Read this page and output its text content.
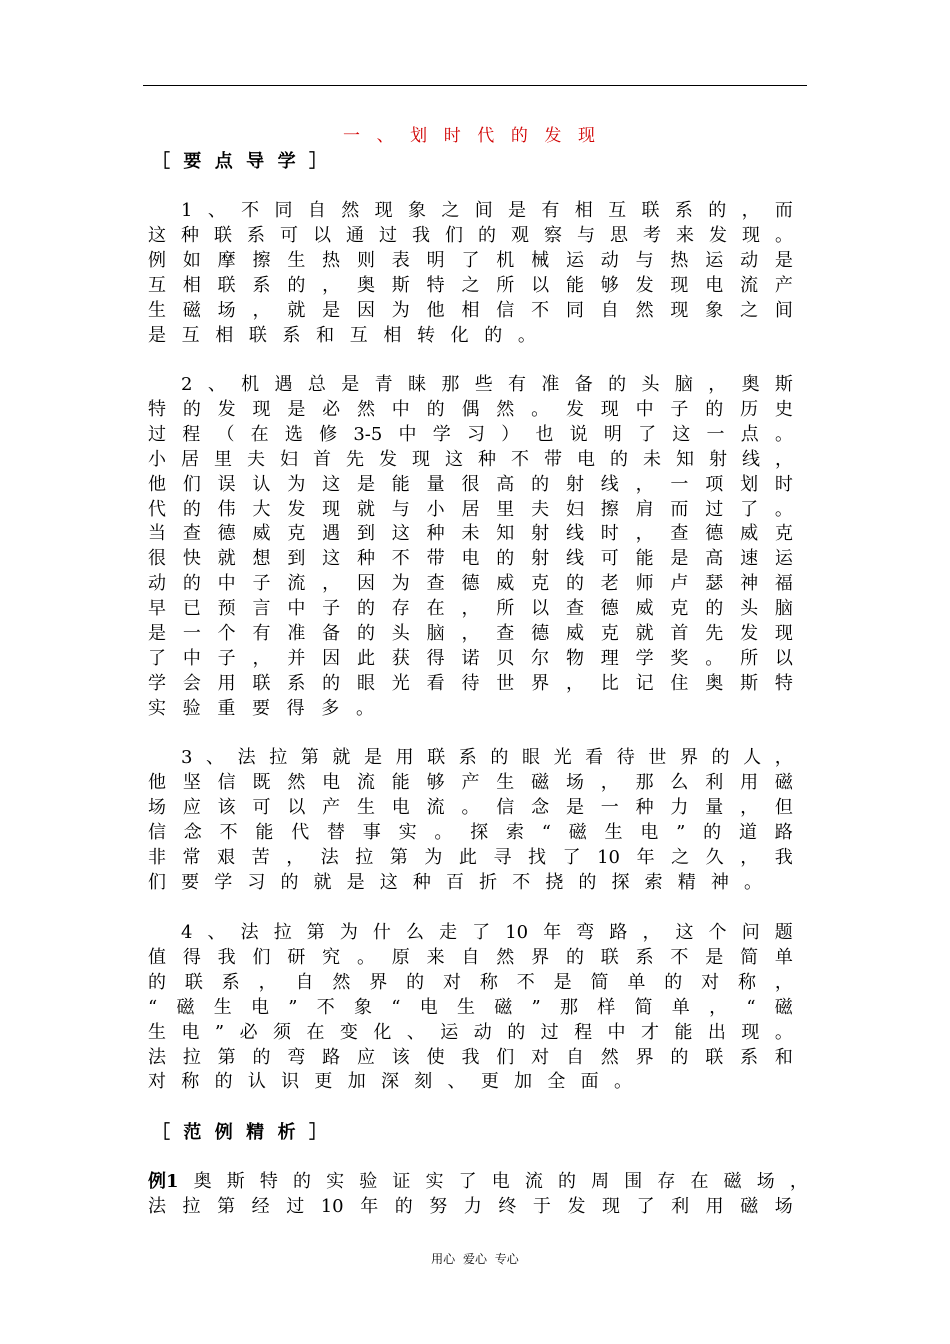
一 、 划 时 代 的 发 现
［ 要 点 导 学 ］
1 、 不 同 自 然 现 象 之 间 是 有 相 互 联 系 的 ， 而
这 种 联 系 可 以 通 过 我 们 的 观 察 与 思 考 来 发 现 。
例 如 摩 擦 生 热 则 表 明 了 机 械 运 动 与 热 运 动 是
互 相 联 系 的 ， 奥 斯 特 之 所 以 能 够 发 现 电 流 产
生 磁 场 ， 就 是 因 为 他 相 信 不 同 自 然 现 象 之 间
是 互 相 联 系 和 互 相 转 化 的 。
2 、 机 遇 总 是 青 睐 那 些 有 准 备 的 头 脑 ， 奥 斯
特 的 发 现 是 必 然 中 的 偶 然 。 发 现 中 子 的 历 史
过 程 （ 在 选 修 3-5 中 学 习 ） 也 说 明 了 这 一 点 。
小 居 里 夫 妇 首 先 发 现 这 种 不 带 电 的 未 知 射 线 ，
他 们 误 认 为 这 是 能 量 很 高 的 射 线 ， 一 项 划 时
代 的 伟 大 发 现 就 与 小 居 里 夫 妇 擦 肩 而 过 了 。
当 查 德 威 克 遇 到 这 种 未 知 射 线 时 ， 查 德 威 克
很 快 就 想 到 这 种 不 带 电 的 射 线 可 能 是 高 速 运
动 的 中 子 流 ， 因 为 查 德 威 克 的 老 师 卢 瑟 神 福
早 已 预 言 中 子 的 存 在 ， 所 以 查 德 威 克 的 头 脑
是 一 个 有 准 备 的 头 脑 ， 查 德 威 克 就 首 先 发 现
了 中 子 ， 并 因 此 获 得 诺 贝 尔 物 理 学 奖 。 所 以
学 会 用 联 系 的 眼 光 看 待 世 界 ， 比 记 住 奥 斯 特
实 验 重 要 得 多 。
3 、 法 拉 第 就 是 用 联 系 的 眼 光 看 待 世 界 的 人 ，
他 坚 信 既 然 电 流 能 够 产 生 磁 场 ， 那 么 利 用 磁
场 应 该 可 以 产 生 电 流 。 信 念 是 一 种 力 量 ， 但
信 念 不 能 代 替 事 实 。 探 索 “ 磁 生 电 ” 的 道 路
非 常 艰 苦 ， 法 拉 第 为 此 寻 找 了 10 年 之 久 ， 我
们 要 学 习 的 就 是 这 种 百 折 不 挠 的 探 索 精 神 。
4 、 法 拉 第 为 什 么 走 了 10 年 弯 路 ， 这 个 问 题
值 得 我 们 研 究 。 原 来 自 然 界 的 联 系 不 是 简 单
的 联 系 ， 自 然 界 的 对 称 不 是 简 单 的 对 称 ，
“ 磁 生 电 ” 不 象 “ 电 生 磁 ” 那 样 简 单 ， “ 磁
生 电 ” 必 须 在 变 化 、 运 动 的 过 程 中 才 能 出 现 。
法 拉 第 的 弯 路 应 该 使 我 们 对 自 然 界 的 联 系 和
对 称 的 认 识 更 加 深 刻 、 更 加 全 面 。
［ 范 例 精 析 ］
例1 奥 斯 特 的 实 验 证 实 了 电 流 的 周 围 存 在 磁 场 ，
法 拉 第 经 过 10 年 的 努 力 终 于 发 现 了 利 用 磁 场
用心 爱心 专心
